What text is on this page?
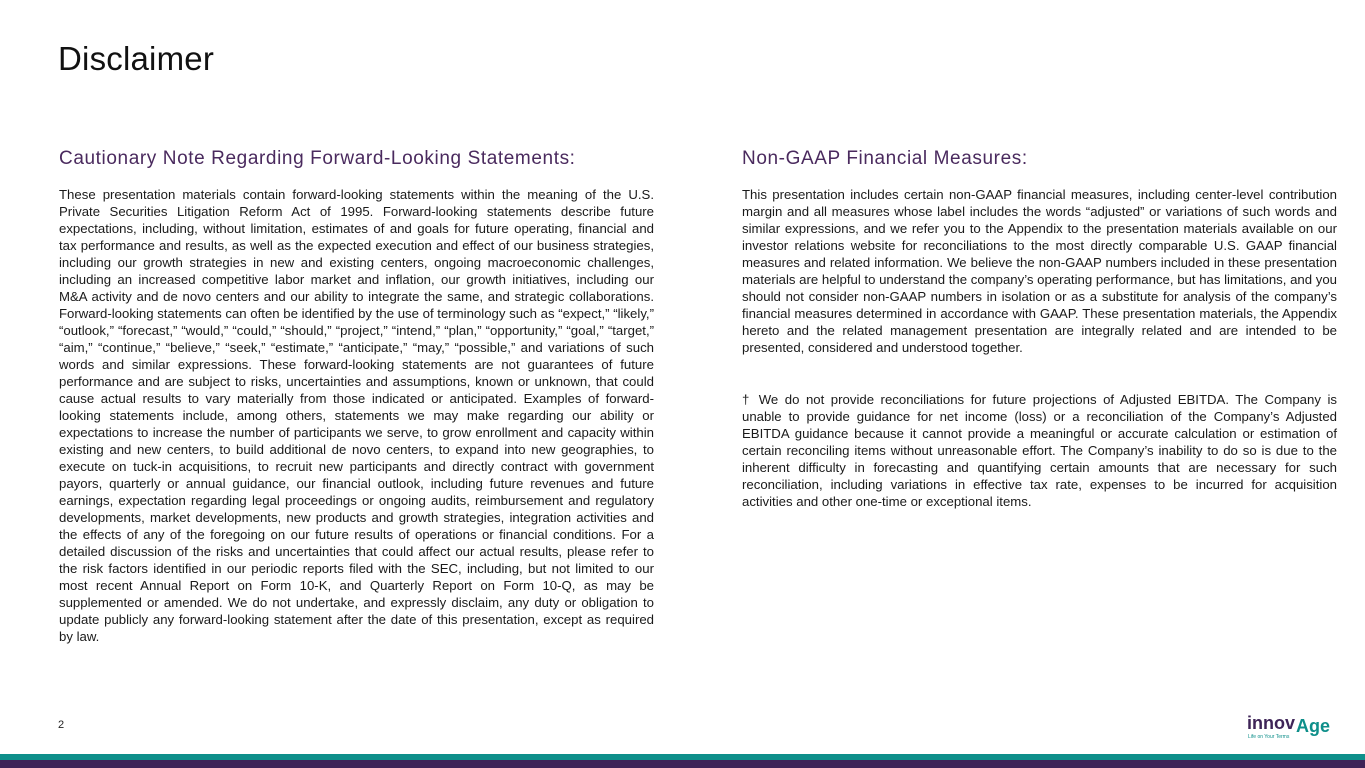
Disclaimer
Cautionary Note Regarding Forward-Looking Statements:

These presentation materials contain forward-looking statements within the meaning of the U.S. Private Securities Litigation Reform Act of 1995. Forward-looking statements describe future expectations, including, without limitation, estimates of and goals for future operating, financial and tax performance and results, as well as the expected execution and effect of our business strategies, including our growth strategies in new and existing centers, ongoing macroeconomic challenges, including an increased competitive labor market and inflation, our growth initiatives, including our M&A activity and de novo centers and our ability to integrate the same, and strategic collaborations. Forward-looking statements can often be identified by the use of terminology such as “expect,” “likely,” “outlook,” “forecast,” “would,” “could,” “should,” “project,” “intend,” “plan,” “opportunity,” “goal,” “target,” “aim,” “continue,” “believe,” “seek,” “estimate,” “anticipate,” “may,” “possible,” and variations of such words and similar expressions. These forward-looking statements are not guarantees of future performance and are subject to risks, uncertainties and assumptions, known or unknown, that could cause actual results to vary materially from those indicated or anticipated. Examples of forward-looking statements include, among others, statements we may make regarding our ability or expectations to increase the number of participants we serve, to grow enrollment and capacity within existing and new centers, to build additional de novo centers, to expand into new geographies, to execute on tuck-in acquisitions, to recruit new participants and directly contract with government payors, quarterly or annual guidance, our financial outlook, including future revenues and future earnings, expectation regarding legal proceedings or ongoing audits, reimbursement and regulatory developments, market developments, new products and growth strategies, integration activities and the effects of any of the foregoing on our future results of operations or financial conditions. For a detailed discussion of the risks and uncertainties that could affect our actual results, please refer to the risk factors identified in our periodic reports filed with the SEC, including, but not limited to our most recent Annual Report on Form 10-K, and Quarterly Report on Form 10-Q, as may be supplemented or amended. We do not undertake, and expressly disclaim, any duty or obligation to update publicly any forward-looking statement after the date of this presentation, except as required by law.

Non-GAAP Financial Measures:

This presentation includes certain non-GAAP financial measures, including center-level contribution margin and all measures whose label includes the words “adjusted” or variations of such words and similar expressions, and we refer you to the Appendix to the presentation materials available on our investor relations website for reconciliations to the most directly comparable U.S. GAAP financial measures and related information. We believe the non-GAAP numbers included in these presentation materials are helpful to understand the company’s operating performance, but has limitations, and you should not consider non-GAAP numbers in isolation or as a substitute for analysis of the company’s financial measures determined in accordance with GAAP. These presentation materials, the Appendix hereto and the related management presentation are integrally related and are intended to be presented, considered and understood together.

† We do not provide reconciliations for future projections of Adjusted EBITDA. The Company is unable to provide guidance for net income (loss) or a reconciliation of the Company’s Adjusted EBITDA guidance because it cannot provide a meaningful or accurate calculation or estimation of certain reconciling items without unreasonable effort. The Company’s inability to do so is due to the inherent difficulty in forecasting and quantifying certain amounts that are necessary for such reconciliation, including variations in effective tax rate, expenses to be incurred for acquisition activities and other one-time or exceptional items.

2	innov Age
Life on Your Terms
